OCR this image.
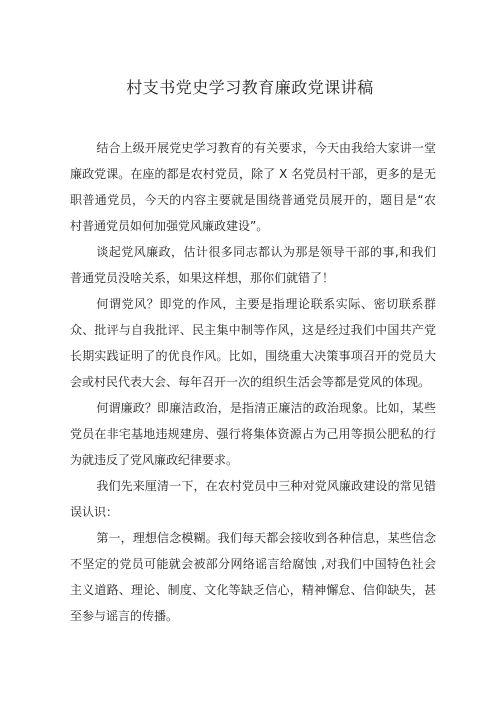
村支书党史学习教育廉政党课讲稿

结合上级开展党史学习教育的有关要求，今天由我给大家讲一堂廉政党课。在座的都是农村党员，除了 X 名党员村干部，更多的是无职普通党员，今天的内容主要就是围绕普通党员展开的，题目是“农村普通党员如何加强党风廉政建设”。

谈起党风廉政，估计很多同志都认为那是领导干部的事,和我们普通党员没啥关系，如果这样想，那你们就错了！

何谓党风？即党的作风，主要是指理论联系实际、密切联系群众、批评与自我批评、民主集中制等作风，这是经过我们中国共产党长期实践证明了的优良作风。比如，围绕重大决策事项召开的党员大会或村民代表大会、每年召开一次的组织生活会等都是党风的体现。

何谓廉政？即廉洁政治，是指清正廉洁的政治现象。比如，某些党员在非宅基地违规建房、强行将集体资源占为己用等损公肥私的行为就违反了党风廉政纪律要求。

我们先来厘清一下，在农村党员中三种对党风廉政建设的常见错误认识：

第一，理想信念模糊。我们每天都会接收到各种信息，某些信念不坚定的党员可能就会被部分网络谣言给腐蚀 ,对我们中国特色社会主义道路、理论、制度、文化等缺乏信心，精神懈怠、信仰缺失，甚至参与谣言的传播。
